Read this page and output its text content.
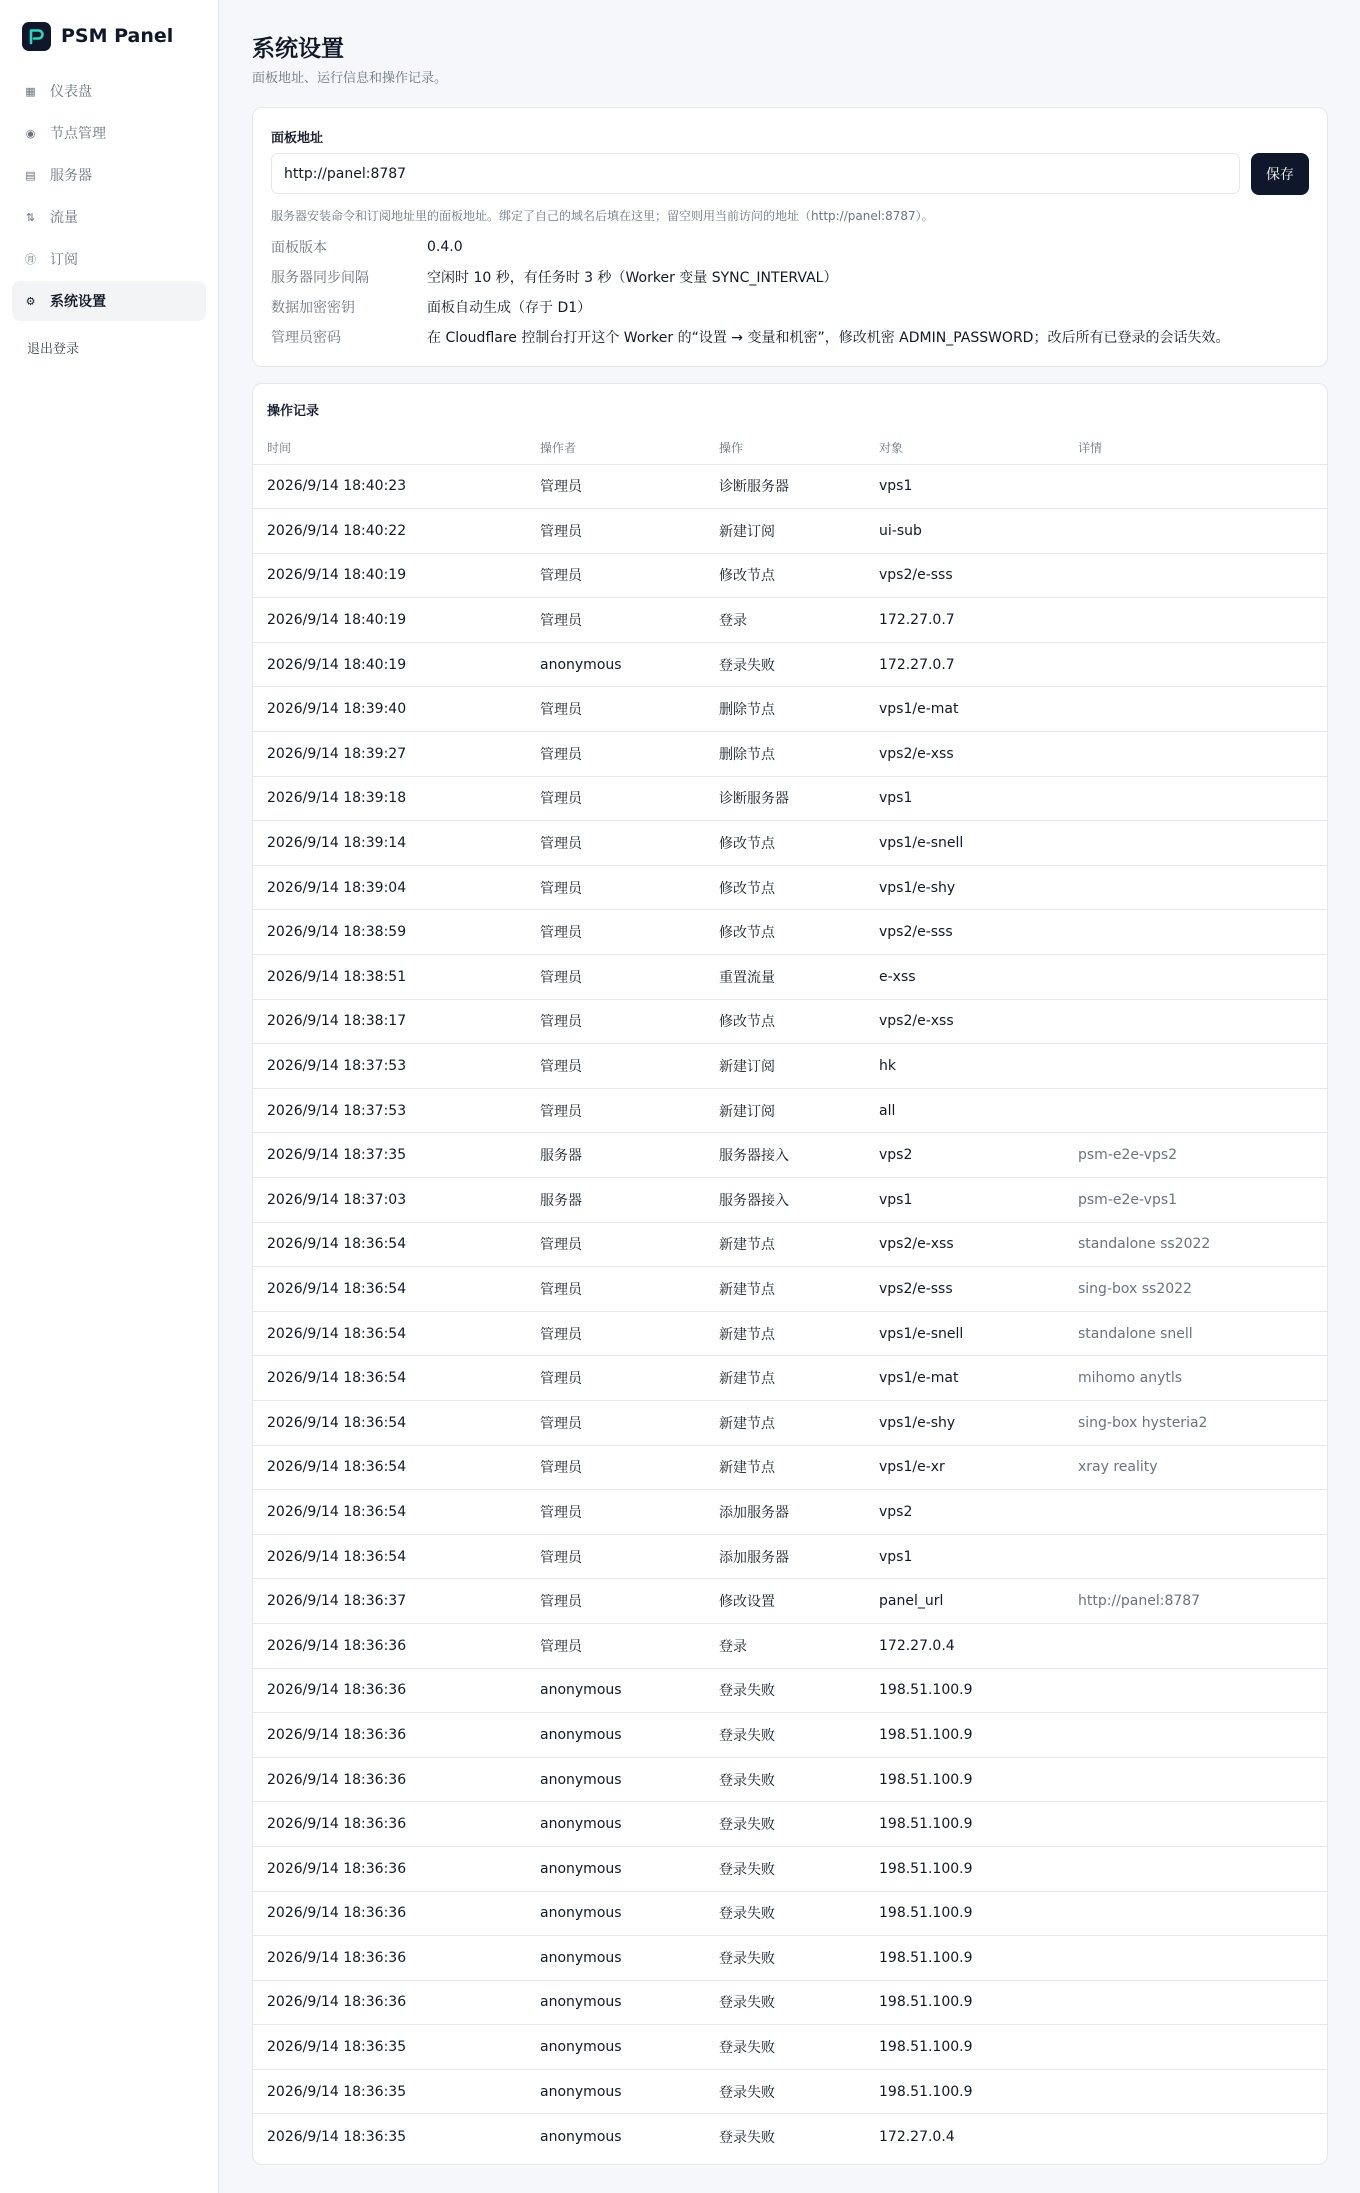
PSM Panel
▦ 仪表盘
◉ 节点管理
▤ 服务器
⇅ 流量
㊊ 订阅
⚙ 系统设置
退出登录
系统设置

面板地址、运行信息和操作记录。

面板地址
http://panel:8787
保存

服务器安装命令和订阅地址里的面板地址。绑定了自己的域名后填在这里；留空则用当前访问的地址（http://panel:8787）。

面板版本	0.4.0
服务器同步间隔	空闲时 10 秒，有任务时 3 秒（Worker 变量 SYNC_INTERVAL）
数据加密密钥	面板自动生成（存于 D1）
管理员密码	在 Cloudflare 控制台打开这个 Worker 的“设置 → 变量和机密”，修改机密 ADMIN_PASSWORD；改后所有已登录的会话失效。
操作记录
时间	操作者	操作	对象	详情
2026/9/14 18:40:23	管理员	诊断服务器	vps1	
2026/9/14 18:40:22	管理员	新建订阅	ui-sub	
2026/9/14 18:40:19	管理员	修改节点	vps2/e-sss	
2026/9/14 18:40:19	管理员	登录	172.27.0.7	
2026/9/14 18:40:19	anonymous	登录失败	172.27.0.7	
2026/9/14 18:39:40	管理员	删除节点	vps1/e-mat	
2026/9/14 18:39:27	管理员	删除节点	vps2/e-xss	
2026/9/14 18:39:18	管理员	诊断服务器	vps1	
2026/9/14 18:39:14	管理员	修改节点	vps1/e-snell	
2026/9/14 18:39:04	管理员	修改节点	vps1/e-shy	
2026/9/14 18:38:59	管理员	修改节点	vps2/e-sss	
2026/9/14 18:38:51	管理员	重置流量	e-xss	
2026/9/14 18:38:17	管理员	修改节点	vps2/e-xss	
2026/9/14 18:37:53	管理员	新建订阅	hk	
2026/9/14 18:37:53	管理员	新建订阅	all	
2026/9/14 18:37:35	服务器	服务器接入	vps2	psm-e2e-vps2
2026/9/14 18:37:03	服务器	服务器接入	vps1	psm-e2e-vps1
2026/9/14 18:36:54	管理员	新建节点	vps2/e-xss	standalone ss2022
2026/9/14 18:36:54	管理员	新建节点	vps2/e-sss	sing-box ss2022
2026/9/14 18:36:54	管理员	新建节点	vps1/e-snell	standalone snell
2026/9/14 18:36:54	管理员	新建节点	vps1/e-mat	mihomo anytls
2026/9/14 18:36:54	管理员	新建节点	vps1/e-shy	sing-box hysteria2
2026/9/14 18:36:54	管理员	新建节点	vps1/e-xr	xray reality
2026/9/14 18:36:54	管理员	添加服务器	vps2	
2026/9/14 18:36:54	管理员	添加服务器	vps1	
2026/9/14 18:36:37	管理员	修改设置	panel_url	http://panel:8787
2026/9/14 18:36:36	管理员	登录	172.27.0.4	
2026/9/14 18:36:36	anonymous	登录失败	198.51.100.9	
2026/9/14 18:36:36	anonymous	登录失败	198.51.100.9	
2026/9/14 18:36:36	anonymous	登录失败	198.51.100.9	
2026/9/14 18:36:36	anonymous	登录失败	198.51.100.9	
2026/9/14 18:36:36	anonymous	登录失败	198.51.100.9	
2026/9/14 18:36:36	anonymous	登录失败	198.51.100.9	
2026/9/14 18:36:36	anonymous	登录失败	198.51.100.9	
2026/9/14 18:36:36	anonymous	登录失败	198.51.100.9	
2026/9/14 18:36:35	anonymous	登录失败	198.51.100.9	
2026/9/14 18:36:35	anonymous	登录失败	198.51.100.9	
2026/9/14 18:36:35	anonymous	登录失败	172.27.0.4	
